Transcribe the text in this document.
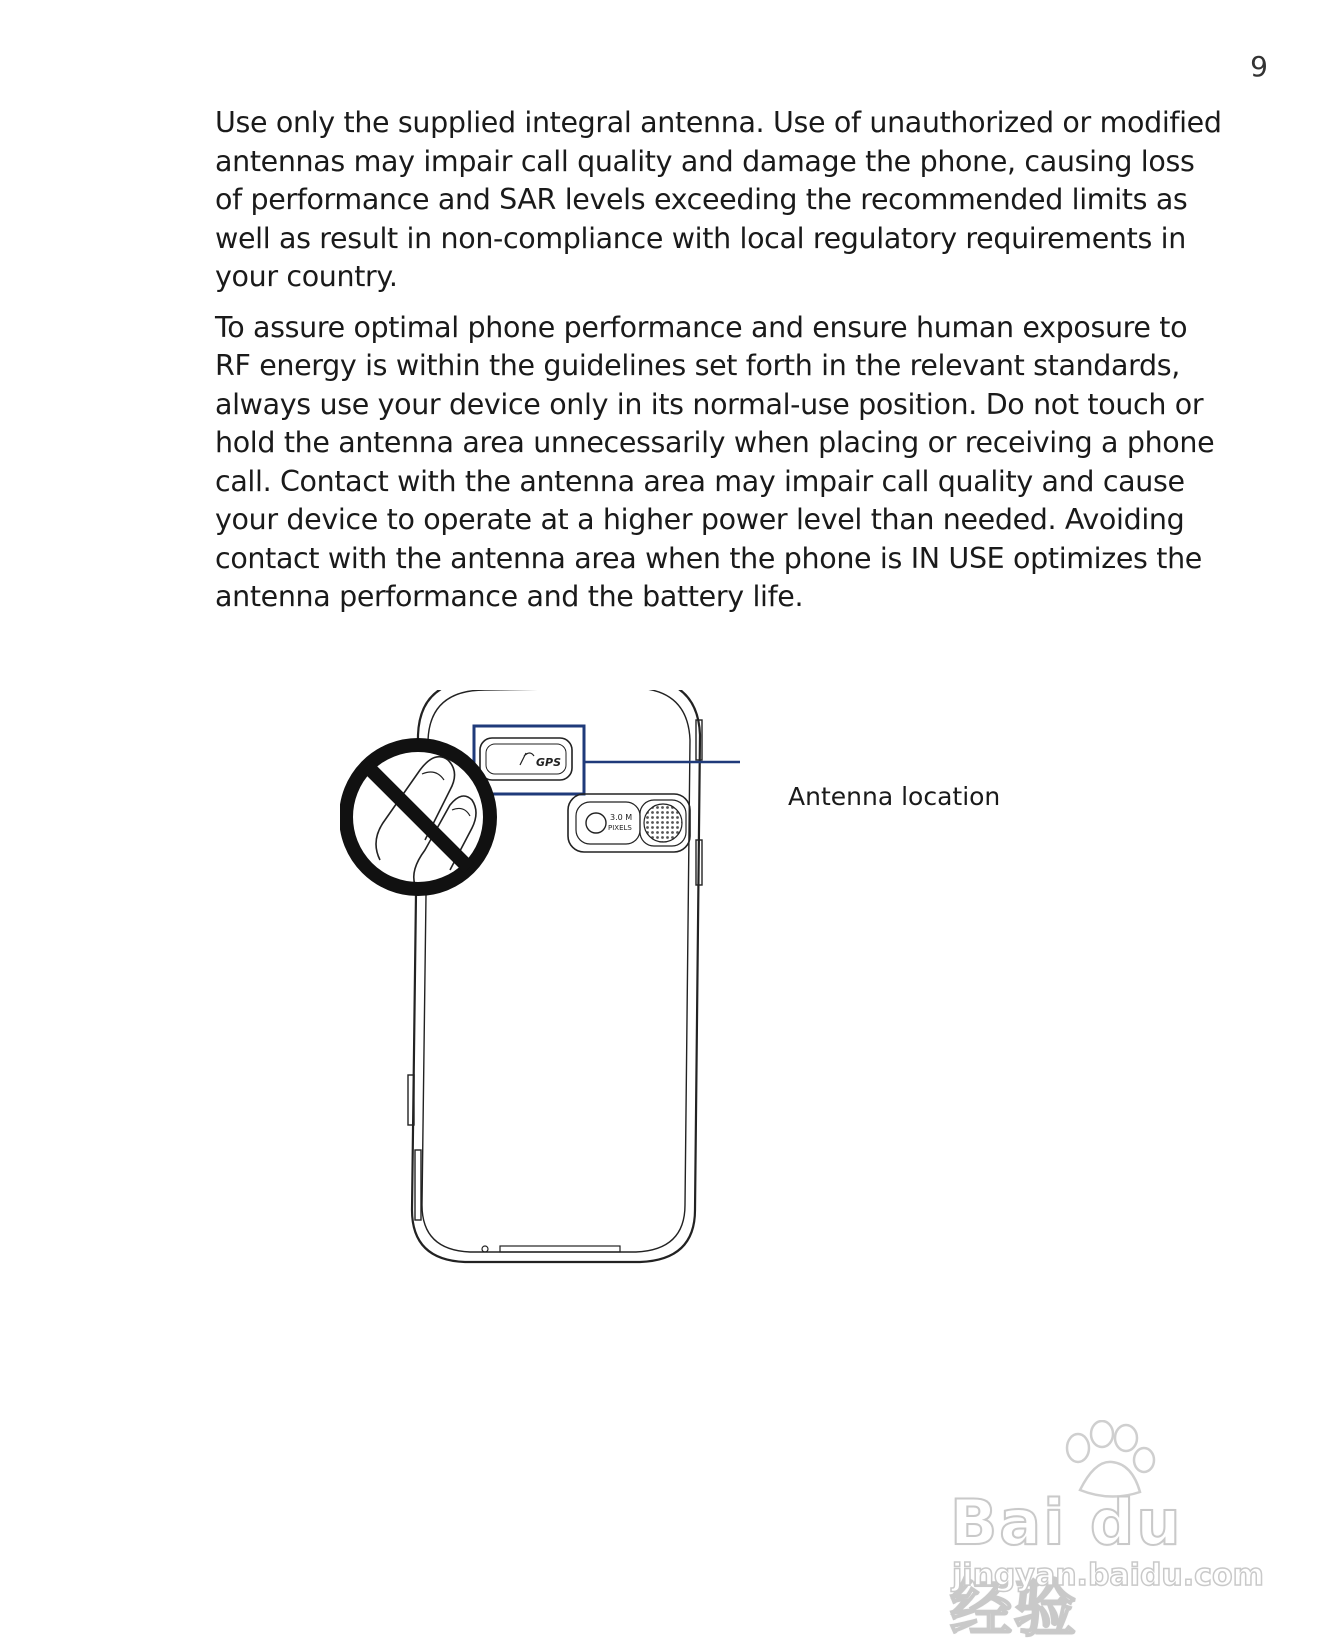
9

Use only the supplied integral antenna. Use of unauthorized or modified antennas may impair call quality and damage the phone, causing loss of performance and SAR levels exceeding the recommended limits as well as result in non-compliance with local regulatory requirements in your country.

To assure optimal phone performance and ensure human exposure to RF energy is within the guidelines set forth in the relevant standards, always use your device only in its normal-use position. Do not touch or hold the antenna area unnecessarily when placing or receiving a phone call. Contact with the antenna area may impair call quality and cause your device to operate at a higher power level than needed. Avoiding contact with the antenna area when the phone is IN USE optimizes the antenna performance and the battery life.

GPS
3.0 M
PIXELS
Antenna location
Bai du 经验
jingyan.baidu.com
